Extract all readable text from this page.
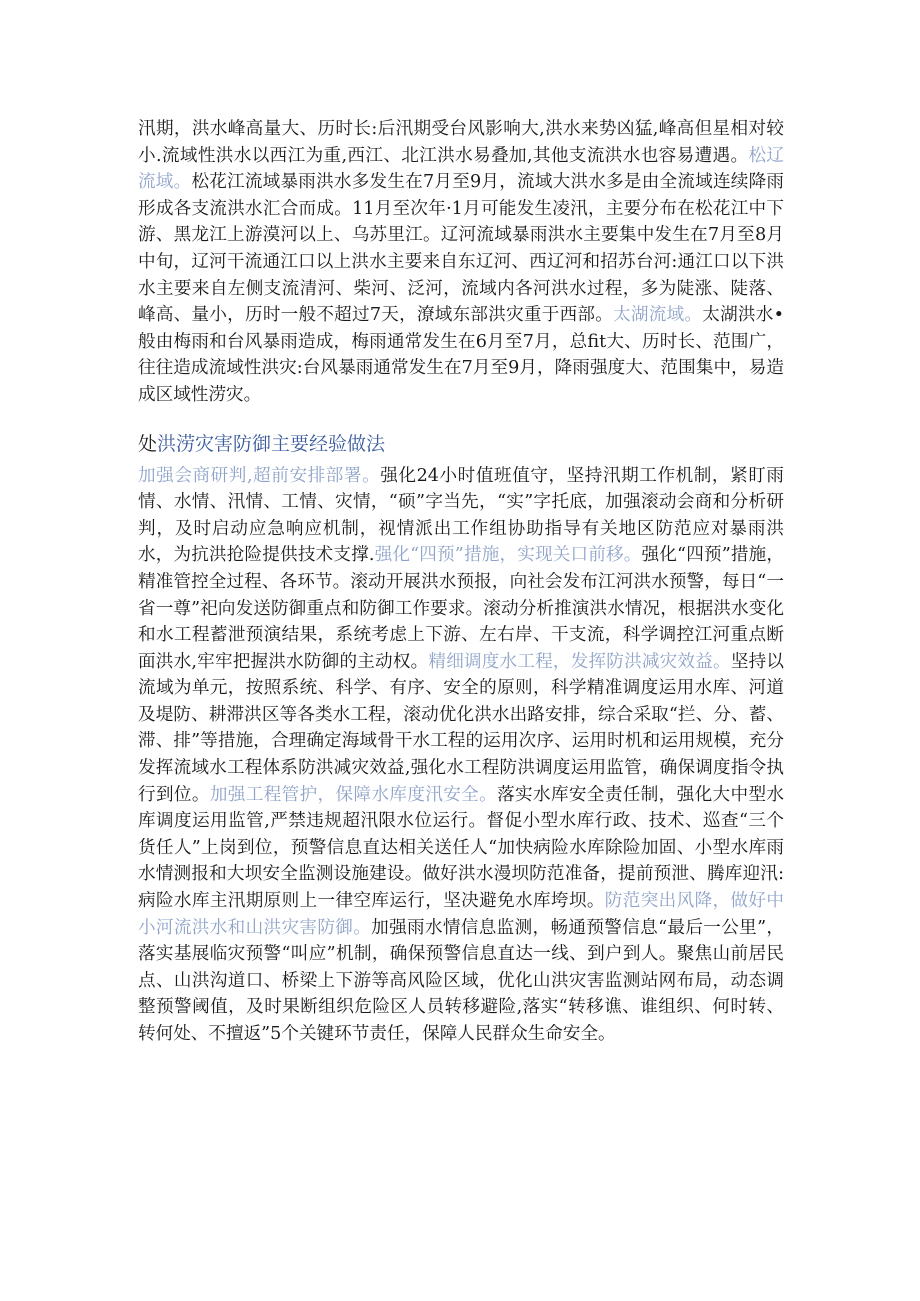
汛期，洪水峰高量大、历时长:后汛期受台风影响大,洪水来势凶猛,峰高但星相对较小.流域性洪水以西江为重,西江、北江洪水易叠加,其他支流洪水也容易遭遇。松辽流域。松花江流域暴雨洪水多发生在7月至9月，流域大洪水多是由全流域连续降雨形成各支流洪水汇合而成。11月至次年·1月可能发生凌汛，主要分布在松花江中下游、黑龙江上游漠河以上、乌苏里江。辽河流域暴雨洪水主要集中发生在7月至8月中旬，辽河干流通江口以上洪水主要来自东辽河、西辽河和招苏台河:通江口以下洪水主要来自左侧支流清河、柴河、泛河，流域内各河洪水过程，多为陡涨、陡落、峰高、量小，历时一般不超过7天，潦域东部洪灾重于西部。太湖流域。太湖洪水•般由梅雨和台风暴雨造成，梅雨通常发生在6月至7月，总fit大、历时长、范围广，往往造成流域性洪灾:台风暴雨通常发生在7月至9月，降雨强度大、范围集中，易造成区域性涝灾。

处洪涝灾害防御主要经验做法

加强会商研判,超前安排部署。强化24小时值班值守，坚持汛期工作机制，紧盯雨情、水情、汛情、工情、灾情，“硕”字当先，“实”字托底，加强滚动会商和分析研判，及时启动应急响应机制，视情派出工作组协助指导有关地区防范应对暴雨洪水，为抗洪抢险提供技术支撑.强化“四预”措施，实现关口前移。强化“四预”措施，精准管控全过程、各环节。滚动开展洪水预报，向社会发布江河洪水预警，每日“一省一尊”祀向发送防御重点和防御工作要求。滚动分析推演洪水情况，根据洪水变化和水工程蓄泄预演结果，系统考虑上下游、左右岸、干支流，科学调控江河重点断面洪水,牢牢把握洪水防御的主动权。精细调度水工程，发挥防洪减灾效益。坚持以流域为单元，按照系统、科学、有序、安全的原则，科学精准调度运用水库、河道及堤防、耕滞洪区等各类水工程，滚动优化洪水出路安排，综合采取“拦、分、蓄、滞、排”等措施，合理确定海域骨干水工程的运用次序、运用时机和运用规模，充分发挥流域水工程体系防洪减灾效益,强化水工程防洪调度运用监管，确保调度指令执行到位。加强工程管护，保障水库度汛安全。落实水库安全责任制，强化大中型水库调度运用监管,严禁违规超汛限水位运行。督促小型水库行政、技术、巡查“三个货任人”上岗到位，预警信息直达相关送任人“加快病险水库除险加固、小型水库雨水情测报和大坝安全监测设施建设。做好洪水漫坝防范准备，提前预泄、腾库迎汛:病险水库主汛期原则上一律空库运行，坚决避免水库垮坝。防范突出风降，做好中小河流洪水和山洪灾害防御。加强雨水情信息监测，畅通预警信息“最后一公里”，落实基展临灾预警“叫应”机制，确保预警信息直达一线、到户到人。聚焦山前居民点、山洪沟道口、桥梁上下游等高风险区域，优化山洪灾害监测站网布局，动态调整预警阈值，及时果断组织危险区人员转移避险,落实“转移谯、谁组织、何时转、转何处、不擅返”5个关键环节责任，保障人民群众生命安全。
